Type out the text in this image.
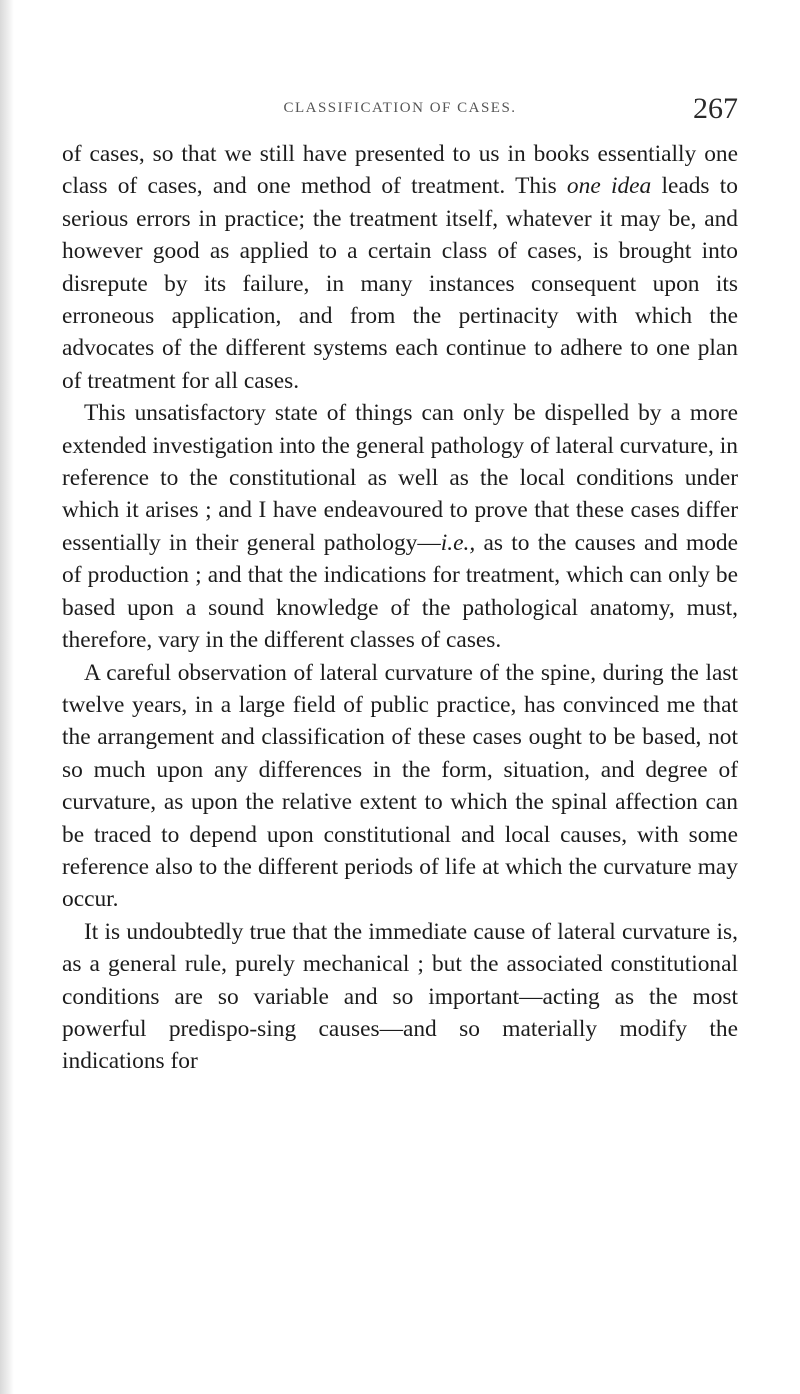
CLASSIFICATION OF CASES.	267

of cases, so that we still have presented to us in books essentially one class of cases, and one method of treatment. This one idea leads to serious errors in practice; the treatment itself, whatever it may be, and however good as applied to a certain class of cases, is brought into disrepute by its failure, in many instances consequent upon its erroneous application, and from the pertinacity with which the advocates of the different systems each continue to adhere to one plan of treatment for all cases.

This unsatisfactory state of things can only be dispelled by a more extended investigation into the general pathology of lateral curvature, in reference to the constitutional as well as the local conditions under which it arises ; and I have endeavoured to prove that these cases differ essentially in their general pathology—i.e., as to the causes and mode of production ; and that the indications for treatment, which can only be based upon a sound knowledge of the pathological anatomy, must, therefore, vary in the different classes of cases.

A careful observation of lateral curvature of the spine, during the last twelve years, in a large field of public practice, has convinced me that the arrangement and classification of these cases ought to be based, not so much upon any differences in the form, situation, and degree of curvature, as upon the relative extent to which the spinal affection can be traced to depend upon constitutional and local causes, with some reference also to the different periods of life at which the curvature may occur.

It is undoubtedly true that the immediate cause of lateral curvature is, as a general rule, purely mechanical ; but the associated constitutional conditions are so variable and so important—acting as the most powerful predispo-sing causes—and so materially modify the indications for
